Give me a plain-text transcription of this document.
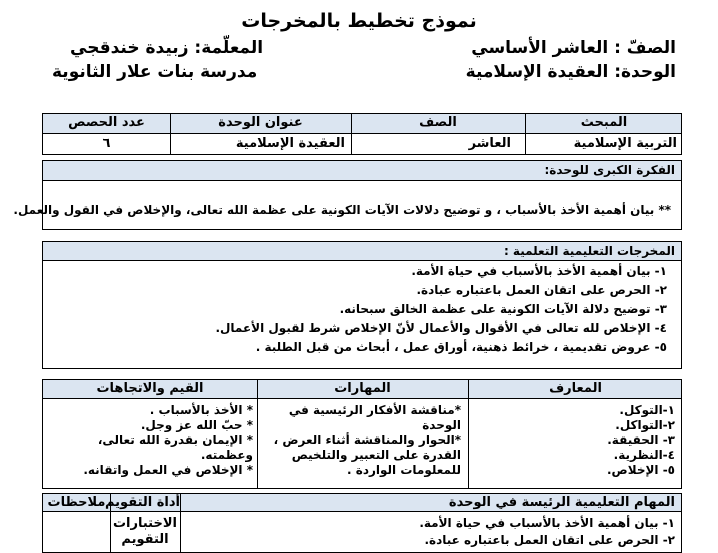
نموذج تخطيط بالمخرجات
الصفّ : العاشر الأساسي
الوحدة: العقيدة الإسلامية
المعلّمة: زبيدة خندقجي
مدرسة بنات علار الثانوية
المبحث
الصف
عنوان الوحدة
عدد الحصص
التربية الإسلامية
العاشر
العقيدة الإسلامية
٦
الفكرة الكبرى للوحدة:
** بيان أهمية الأخذ بالأسباب ، و توضيح دلالات الآيات الكونية على عظمة الله تعالى، والإخلاص في القول والعمل.
المخرجات التعليمية التعلمية :
١- بيان أهمية الأخذ بالأسباب في حياة الأمة.
٢- الحرص على اتقان العمل باعتباره عبادة.
٣- توضيح دلالة الآيات الكونية على عظمة الخالق سبحانه.
٤- الإخلاص لله تعالى في الأقوال والأعمال لأنّ الإخلاص شرط لقبول الأعمال.
٥- عروض تقديمية ، خرائط ذهنية، أوراق عمل ، أبحاث من قبل الطلبة .
المعارف
المهارات
القيم والاتجاهات
١-التوكل.
٢-التواكل.
٣- الحقيقة.
٤-النظرية.
٥- الإخلاص.
*مناقشة الأفكار الرئيسية في الوحدة
*الحوار والمناقشة أثناء العرض ،
القدرة على التعبير والتلخيص
للمعلومات الواردة .
* الأخذ بالأسباب .
* حبّ الله عز وجل.
* الإيمان بقدرة الله تعالى، وعظمته.
* الإخلاص في العمل واتقانه.
المهام التعليمية الرئيسة في الوحدة
أداة التقويم
ملاحظات
١- بيان أهمية الأخذ بالأسباب في حياة الأمة.
٢- الحرص على اتقان العمل باعتباره عبادة.
الاختبارات
التقويم
